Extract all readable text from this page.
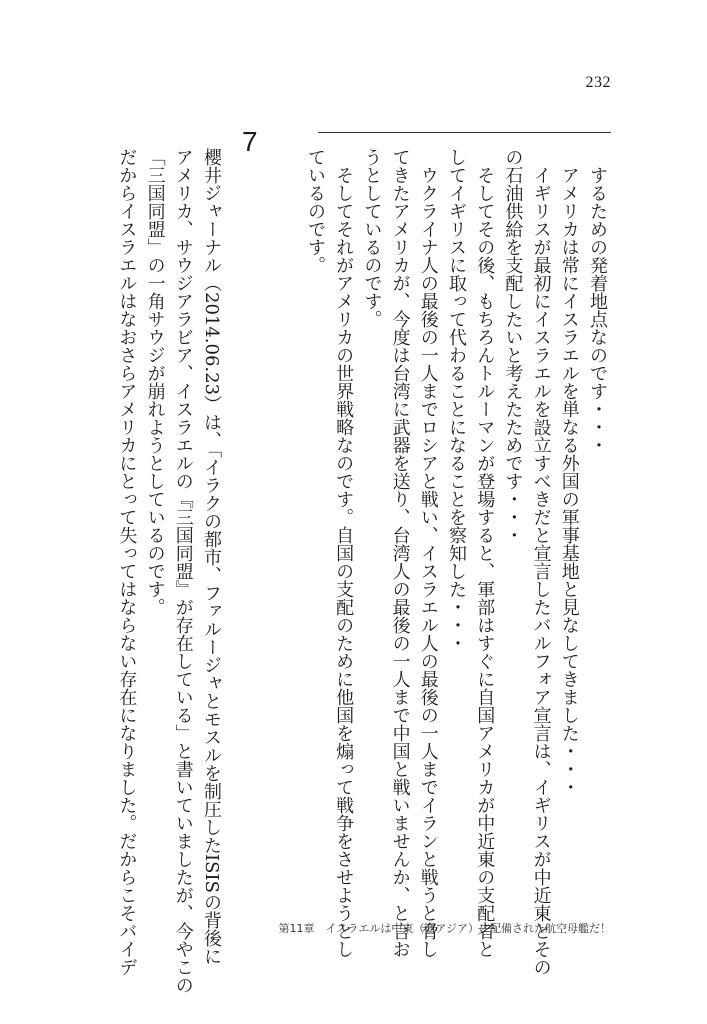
232
するための発着地点なのです・・・
アメリカは常にイスラエルを単なる外国の軍事基地と見なしてきました・・・
イギリスが最初にイスラエルを設立すべきだと宣言したバルフォア宣言は、イギリスが中近東とその
の石油供給を支配したいと考えたためです・・・
そしてその後、もちろんトルーマンが登場すると、軍部はすぐに自国アメリカが中近東の支配者と
してイギリスに取って代わることになることを察知した・・・
ウクライナ人の最後の一人までロシアと戦い、イスラエル人の最後の一人までイランと戦うと脅し
てきたアメリカが、今度は台湾に武器を送り、台湾人の最後の一人まで中国と戦いませんか、と言お
うとしているのです。
そしてそれがアメリカの世界戦略なのです。自国の支配のために他国を煽って戦争をさせようとし
ているのです。
7
櫻井ジャーナル（2014.06.23）は、「イラクの都市、ファルージャとモスルを制圧したISISの背後に
アメリカ、サウジアラビア、イスラエルの『三国同盟』が存在している」と書いていましたが、今やこの
「三国同盟」の一角サウジが崩れようとしているのです。
だからイスラエルはなおさらアメリカにとって失ってはならない存在になりました。だからこそバイデ	第11章　イスラエルは中東（西アジア）に配備された航空母艦だ！
